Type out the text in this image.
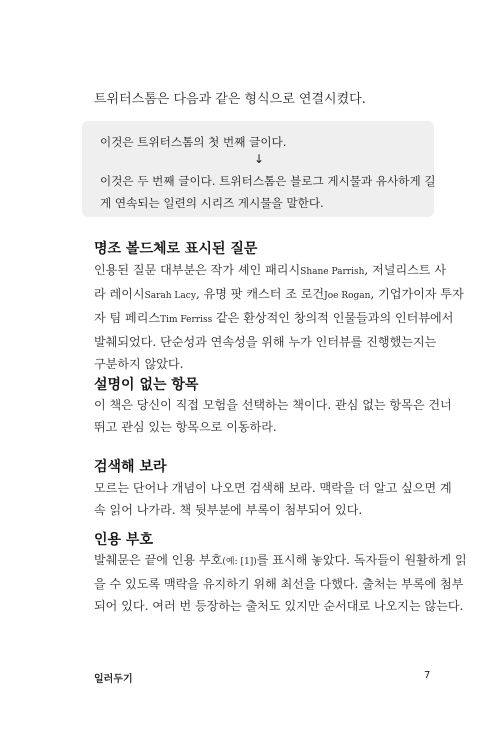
트위터스톰은 다음과 같은 형식으로 연결시켰다.
이것은 트위터스톰의 첫 번째 글이다.
↓
이것은 두 번째 글이다. 트위터스톰은 블로그 게시물과 유사하게 길
게 연속되는 일련의 시리즈 게시물을 말한다.
명조 볼드체로 표시된 질문
인용된 질문 대부분은 작가 셰인 패리시Shane Parrish, 저널리스트 사
라 레이시Sarah Lacy, 유명 팟 캐스터 조 로건Joe Rogan, 기업가이자 투자
자 팀 페리스Tim Ferriss 같은 환상적인 창의적 인물들과의 인터뷰에서
발췌되었다. 단순성과 연속성을 위해 누가 인터뷰를 진행했는지는
구분하지 않았다.
설명이 없는 항목
이 책은 당신이 직접 모험을 선택하는 책이다. 관심 없는 항목은 건너
뛰고 관심 있는 항목으로 이동하라.
검색해 보라
모르는 단어나 개념이 나오면 검색해 보라. 맥락을 더 알고 싶으면 계
속 읽어 나가라. 책 뒷부분에 부록이 첨부되어 있다.
인용 부호
발췌문은 끝에 인용 부호(예: [1])를 표시해 놓았다. 독자들이 원활하게 읽
을 수 있도록 맥락을 유지하기 위해 최선을 다했다. 출처는 부록에 첨부
되어 있다. 여러 번 등장하는 출처도 있지만 순서대로 나오지는 않는다.
일러두기	7
